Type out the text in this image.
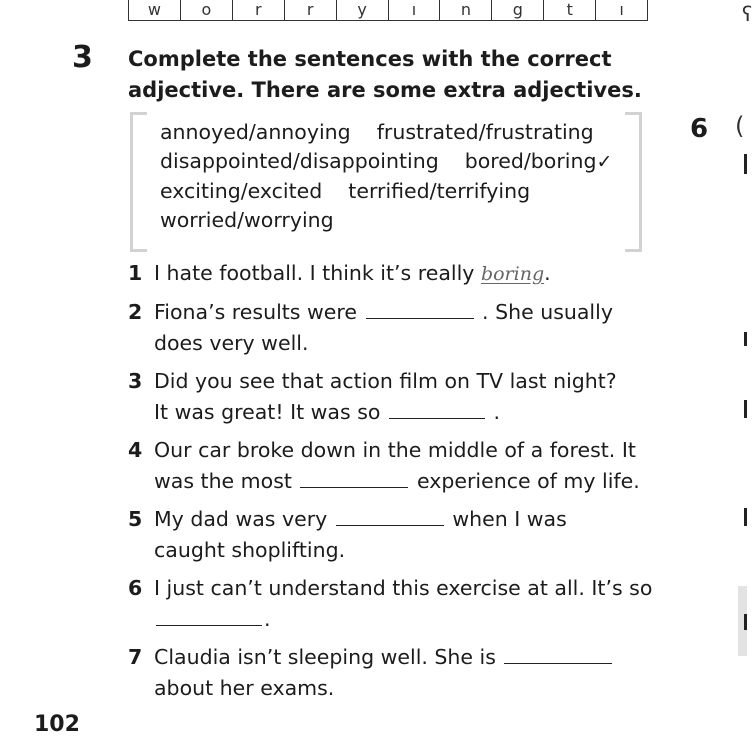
w	o	r	r	y	ı	n	g	t	ı
3 Complete the sentences with the correct
adjective. There are some extra adjectives.
annoyed/annoying frustrated/frustrating
disappointed/disappointing bored/boring✓
exciting/excited terrified/terrifying
worried/worrying
6
ʕ
(
1 I hate football. I think it’s really boring.
2 Fiona’s results were	. She usually
does very well.
3 Did you see that action film on TV last night?
It was great! It was so	.
4 Our car broke down in the middle of a forest. It
was the most	experience of my life.
5 My dad was very	when I was
caught shoplifting.
6 I just can’t understand this exercise at all. It’s so
.
7 Claudia isn’t sleeping well. She is
about her exams.
102
